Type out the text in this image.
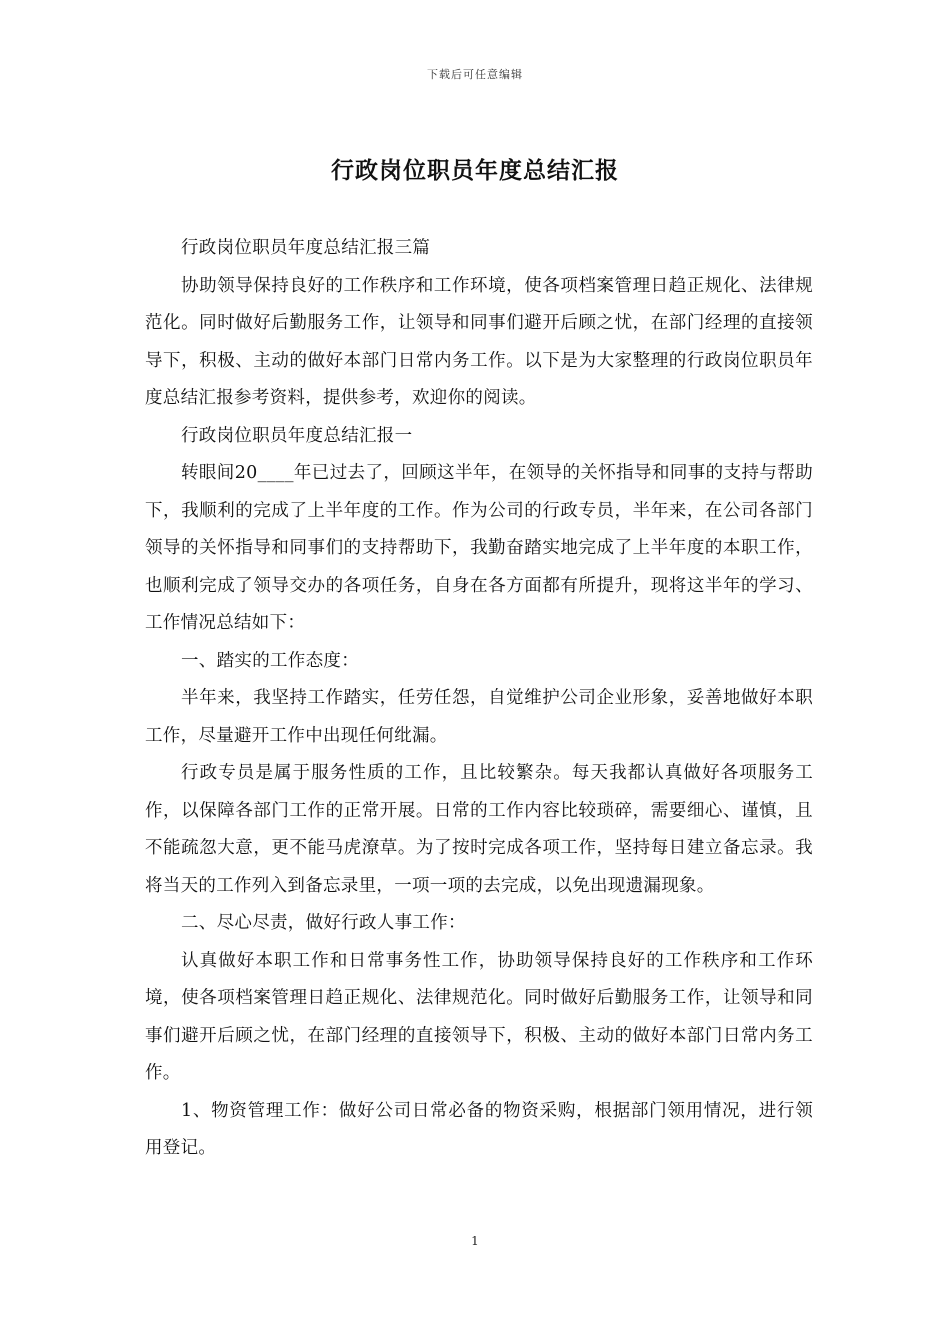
下载后可任意编辑
行政岗位职员年度总结汇报

行政岗位职员年度总结汇报三篇

协助领导保持良好的工作秩序和工作环境，使各项档案管理日趋正规化、法律规范化。同时做好后勤服务工作，让领导和同事们避开后顾之忧，在部门经理的直接领导下，积极、主动的做好本部门日常内务工作。以下是为大家整理的行政岗位职员年度总结汇报参考资料，提供参考，欢迎你的阅读。

行政岗位职员年度总结汇报一

转眼间20____年已过去了，回顾这半年，在领导的关怀指导和同事的支持与帮助下，我顺利的完成了上半年度的工作。作为公司的行政专员，半年来，在公司各部门领导的关怀指导和同事们的支持帮助下，我勤奋踏实地完成了上半年度的本职工作，也顺利完成了领导交办的各项任务，自身在各方面都有所提升，现将这半年的学习、工作情况总结如下：

一、踏实的工作态度：

半年来，我坚持工作踏实，任劳任怨，自觉维护公司企业形象，妥善地做好本职工作，尽量避开工作中出现任何纰漏。

行政专员是属于服务性质的工作，且比较繁杂。每天我都认真做好各项服务工作，以保障各部门工作的正常开展。日常的工作内容比较琐碎，需要细心、谨慎，且不能疏忽大意，更不能马虎潦草。为了按时完成各项工作，坚持每日建立备忘录。我将当天的工作列入到备忘录里，一项一项的去完成，以免出现遗漏现象。

二、尽心尽责，做好行政人事工作：

认真做好本职工作和日常事务性工作，协助领导保持良好的工作秩序和工作环境，使各项档案管理日趋正规化、法律规范化。同时做好后勤服务工作，让领导和同事们避开后顾之忧，在部门经理的直接领导下，积极、主动的做好本部门日常内务工作。

1、物资管理工作：做好公司日常必备的物资采购，根据部门领用情况，进行领用登记。

1
